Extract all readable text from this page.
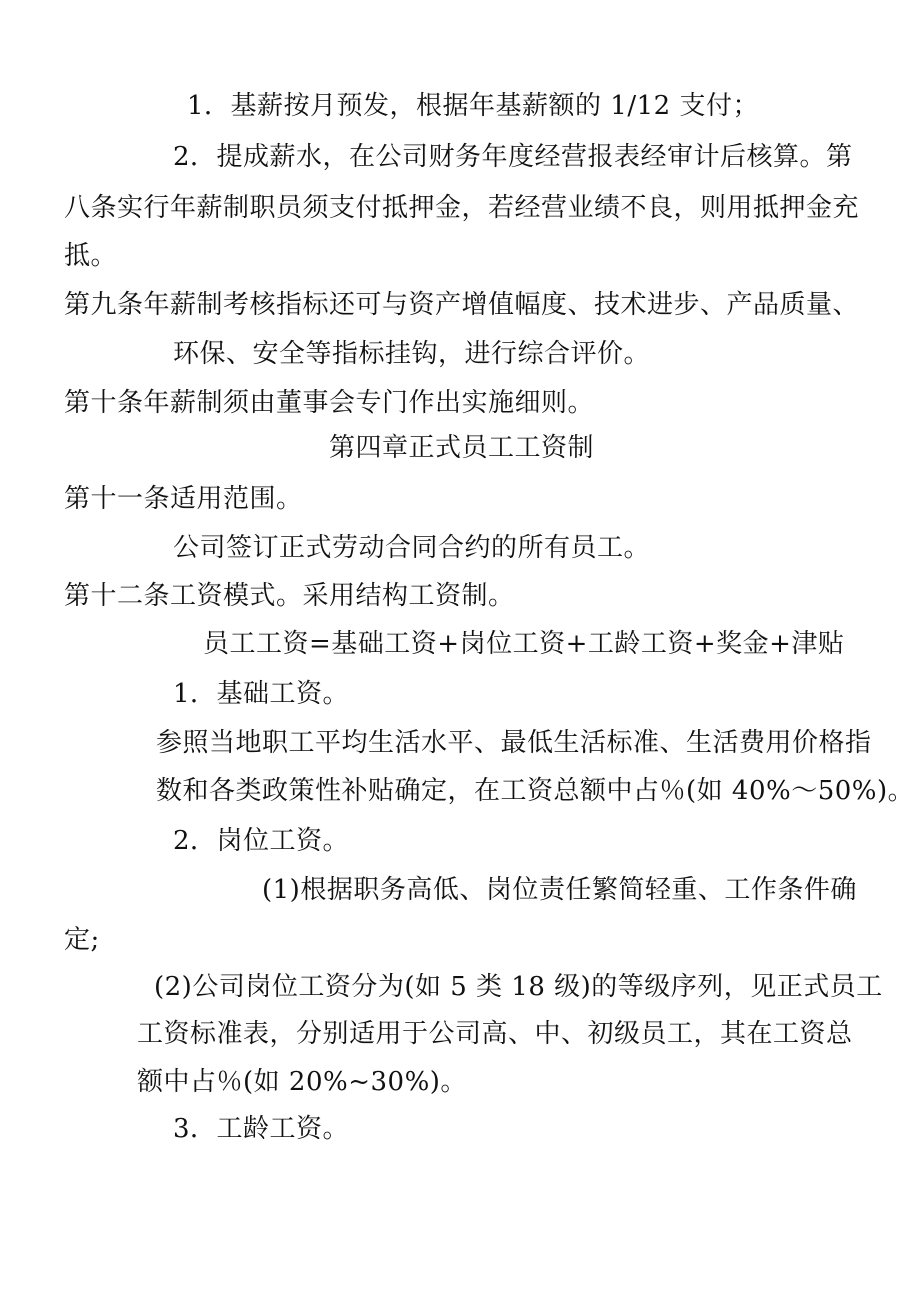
1．基薪按月预发，根据年基薪额的 1/12 支付；
2．提成薪水，在公司财务年度经营报表经审计后核算。第
八条实行年薪制职员须支付抵押金，若经营业绩不良，则用抵押金充
抵。
第九条年薪制考核指标还可与资产增值幅度、技术进步、产品质量、
环保、安全等指标挂钩，进行综合评价。
第十条年薪制须由董事会专门作出实施细则。
第四章正式员工工资制
第十一条适用范围。
公司签订正式劳动合同合约的所有员工。
第十二条工资模式。采用结构工资制。
员工工资=基础工资+岗位工资+工龄工资+奖金+津贴
1．基础工资。
参照当地职工平均生活水平、最低生活标准、生活费用价格指
数和各类政策性补贴确定，在工资总额中占％(如 40%～50%)。
2．岗位工资。
(1)根据职务高低、岗位责任繁简轻重、工作条件确
定;
(2)公司岗位工资分为(如 5 类 18 级)的等级序列，见正式员工
工资标准表，分别适用于公司高、中、初级员工，其在工资总
额中占％(如 20%~30%)。
3．工龄工资。
